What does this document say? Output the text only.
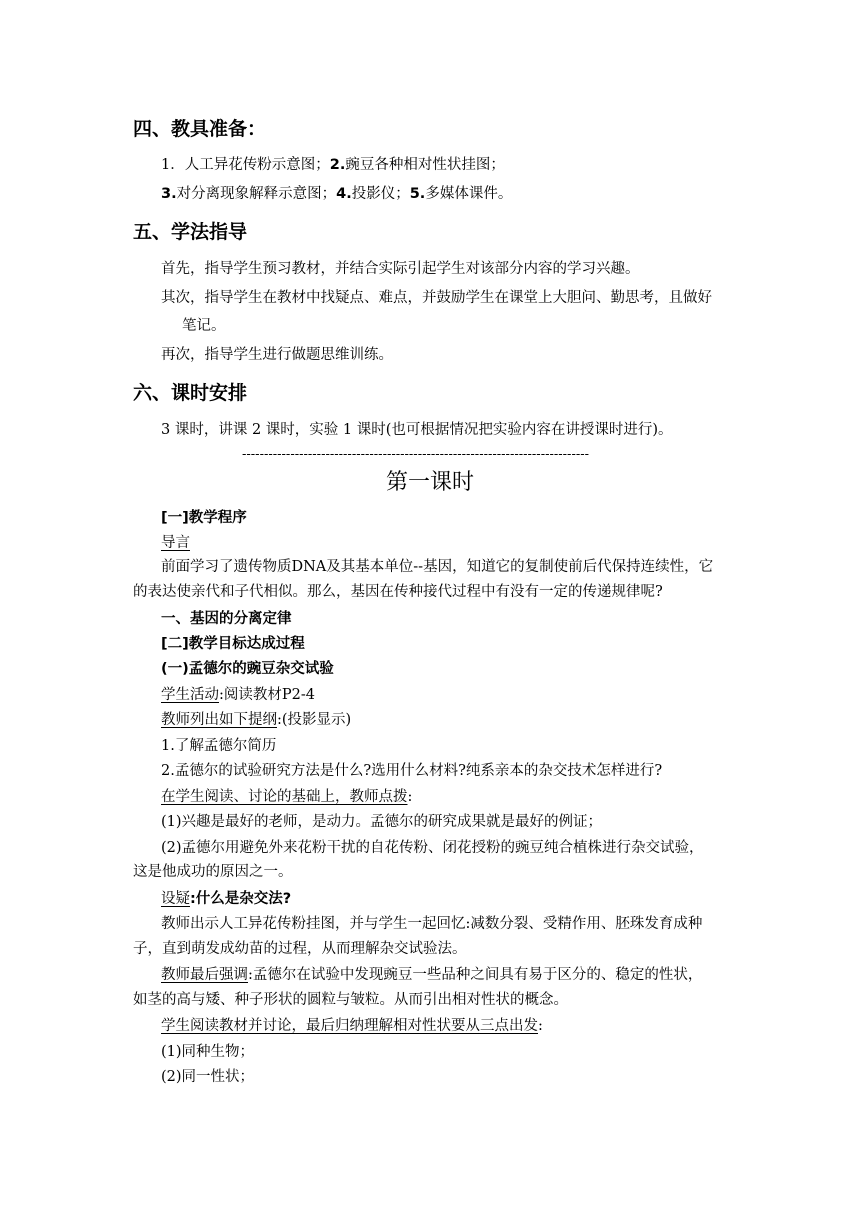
四、教具准备：
1．人工异花传粉示意图；2.豌豆各种相对性状挂图；
3.对分离现象解释示意图；4.投影仪；5.多媒体课件。
五、学法指导
首先，指导学生预习教材，并结合实际引起学生对该部分内容的学习兴趣。
其次，指导学生在教材中找疑点、难点，并鼓励学生在课堂上大胆问、勤思考，且做好
笔记。
再次，指导学生进行做题思维训练。
六、课时安排
3 课时，讲课 2 课时，实验 1 课时(也可根据情况把实验内容在讲授课时进行)。
-------------------------------------------------------------------------------
第一课时
[一]教学程序
导言
前面学习了遗传物质DNA及其基本单位--基因，知道它的复制使前后代保持连续性，它
的表达使亲代和子代相似。那么，基因在传种接代过程中有没有一定的传递规律呢?
一、基因的分离定律
[二]教学目标达成过程
(一)孟德尔的豌豆杂交试验
学生活动:阅读教材P2-4
教师列出如下提纲:(投影显示)
1.了解孟德尔简历
2.孟德尔的试验研究方法是什么?选用什么材料?纯系亲本的杂交技术怎样进行?
在学生阅读、讨论的基础上，教师点拨:
(1)兴趣是最好的老师，是动力。孟德尔的研究成果就是最好的例证；
(2)孟德尔用避免外来花粉干扰的自花传粉、闭花授粉的豌豆纯合植株进行杂交试验，
这是他成功的原因之一。
设疑:什么是杂交法?
教师出示人工异花传粉挂图，并与学生一起回忆:减数分裂、受精作用、胚珠发育成种
子，直到萌发成幼苗的过程，从而理解杂交试验法。
教师最后强调:孟德尔在试验中发现豌豆一些品种之间具有易于区分的、稳定的性状，
如茎的高与矮、种子形状的圆粒与皱粒。从而引出相对性状的概念。
学生阅读教材并讨论，最后归纳理解相对性状要从三点出发:
(1)同种生物；
(2)同一性状；
